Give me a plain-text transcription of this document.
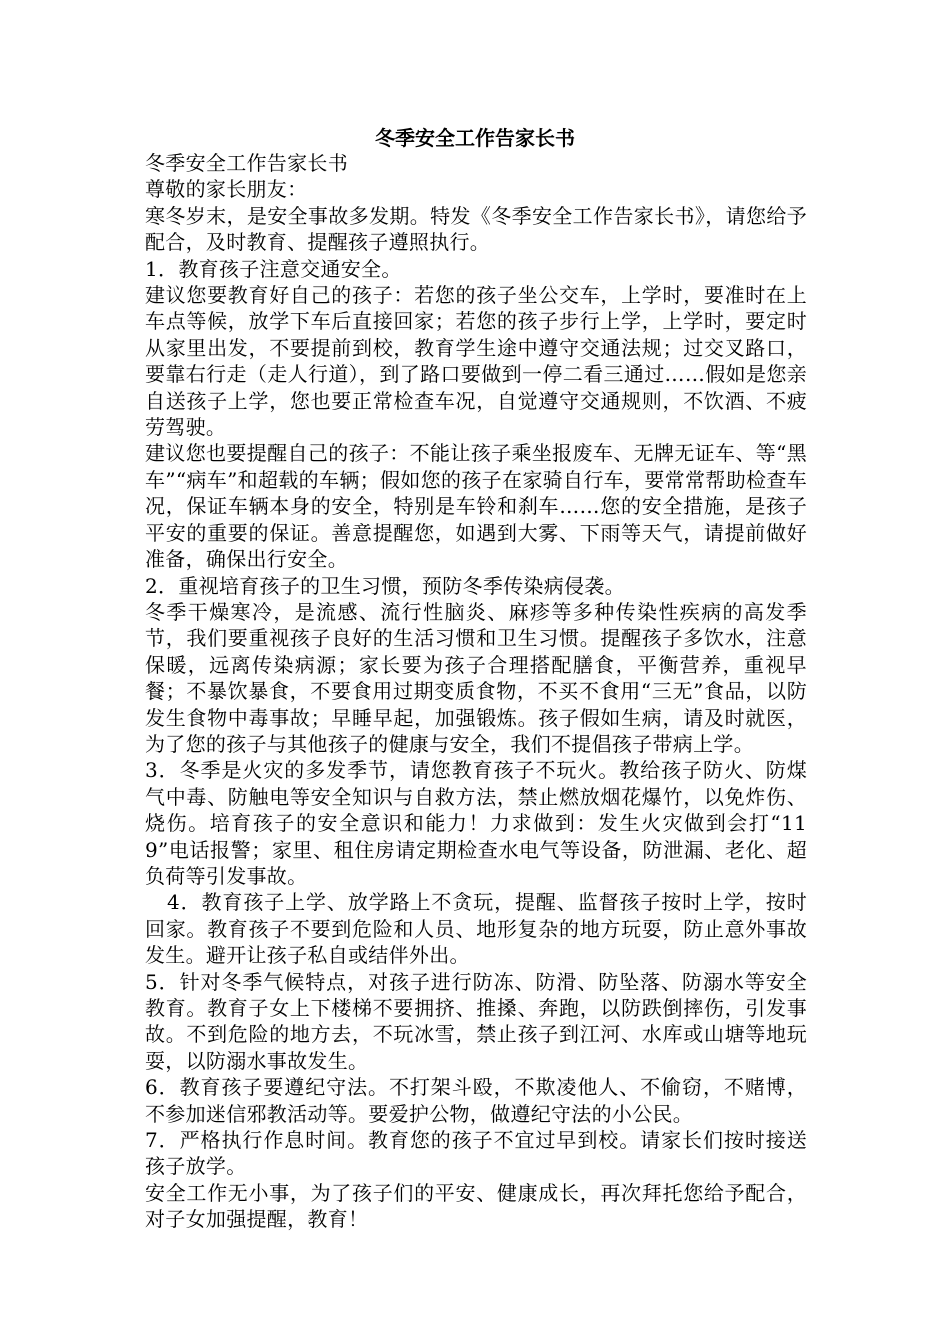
冬季安全工作告家长书

冬季安全工作告家长书

尊敬的家长朋友：

寒冬岁末，是安全事故多发期。特发《冬季安全工作告家长书》，请您给予配合，及时教育、提醒孩子遵照执行。

1．教育孩子注意交通安全。

建议您要教育好自己的孩子：若您的孩子坐公交车，上学时，要准时在上车点等候，放学下车后直接回家；若您的孩子步行上学，上学时，要定时从家里出发，不要提前到校，教育学生途中遵守交通法规；过交叉路口，要靠右行走（走人行道），到了路口要做到一停二看三通过……假如是您亲自送孩子上学，您也要正常检查车况，自觉遵守交通规则，不饮酒、不疲劳驾驶。

建议您也要提醒自己的孩子：不能让孩子乘坐报废车、无牌无证车、等“黑车”“病车”和超载的车辆；假如您的孩子在家骑自行车，要常常帮助检查车况，保证车辆本身的安全，特别是车铃和刹车……您的安全措施，是孩子平安的重要的保证。善意提醒您，如遇到大雾、下雨等天气，请提前做好准备，确保出行安全。

2．重视培育孩子的卫生习惯，预防冬季传染病侵袭。

冬季干燥寒冷，是流感、流行性脑炎、麻疹等多种传染性疾病的高发季节，我们要重视孩子良好的生活习惯和卫生习惯。提醒孩子多饮水，注意保暖，远离传染病源；家长要为孩子合理搭配膳食，平衡营养，重视早餐；不暴饮暴食，不要食用过期变质食物，不买不食用“三无”食品，以防发生食物中毒事故；早睡早起，加强锻炼。孩子假如生病，请及时就医，为了您的孩子与其他孩子的健康与安全，我们不提倡孩子带病上学。

3．冬季是火灾的多发季节，请您教育孩子不玩火。教给孩子防火、防煤气中毒、防触电等安全知识与自救方法，禁止燃放烟花爆竹，以免炸伤、烧伤。培育孩子的安全意识和能力！力求做到：发生火灾做到会打“119”电话报警；家里、租住房请定期检查水电气等设备，防泄漏、老化、超负荷等引发事故。

4．教育孩子上学、放学路上不贪玩，提醒、监督孩子按时上学，按时回家。教育孩子不要到危险和人员、地形复杂的地方玩耍，防止意外事故发生。避开让孩子私自或结伴外出。

5．针对冬季气候特点，对孩子进行防冻、防滑、防坠落、防溺水等安全教育。教育子女上下楼梯不要拥挤、推搡、奔跑，以防跌倒摔伤，引发事故。不到危险的地方去，不玩冰雪，禁止孩子到江河、水库或山塘等地玩耍，以防溺水事故发生。

6．教育孩子要遵纪守法。不打架斗殴，不欺凌他人、不偷窃，不赌博，不参加迷信邪教活动等。要爱护公物，做遵纪守法的小公民。

7．严格执行作息时间。教育您的孩子不宜过早到校。请家长们按时接送孩子放学。

安全工作无小事，为了孩子们的平安、健康成长，再次拜托您给予配合，对子女加强提醒，教育！
